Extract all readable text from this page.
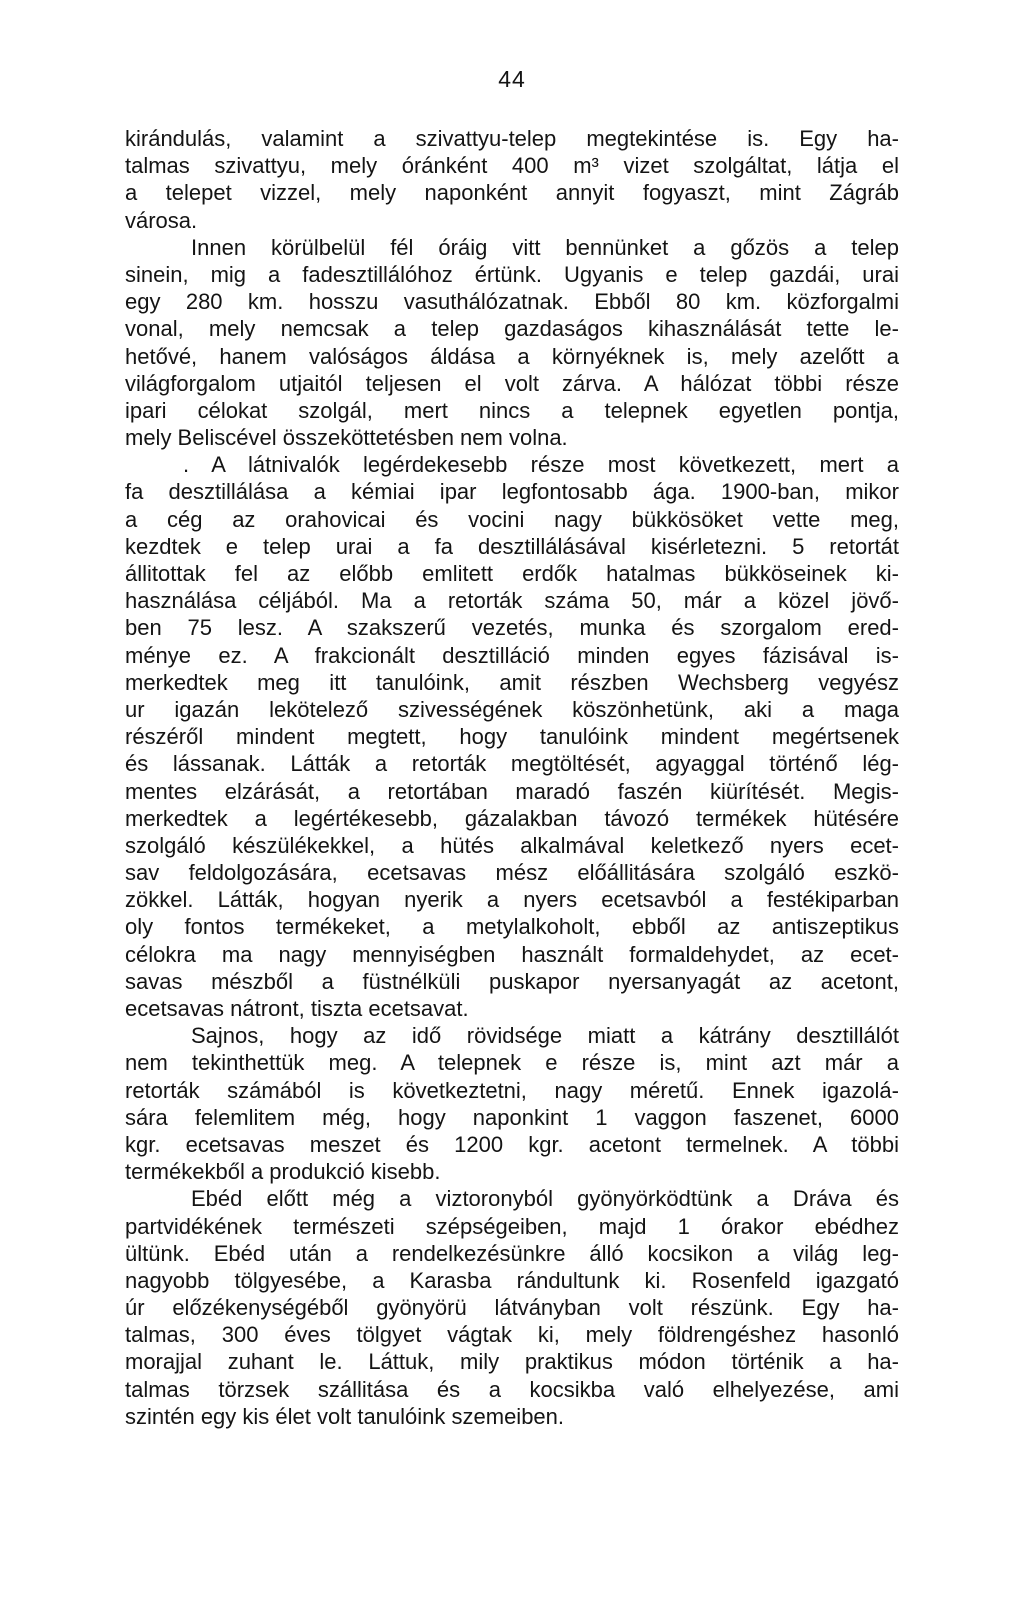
44
kirándulás, valamint a szivattyu-telep megtekintése is. Egy ha-
talmas szivattyu, mely óránként 400 m³ vizet szolgáltat, látja el
a telepet vizzel, mely naponként annyit fogyaszt, mint Zágráb
városa.
Innen körülbelül fél óráig vitt bennünket a gőzös a telep
sinein, mig a fadesztillálóhoz értünk. Ugyanis e telep gazdái, urai
egy 280 km. hosszu vasuthálózatnak. Ebből 80 km. közforgalmi
vonal, mely nemcsak a telep gazdaságos kihasználását tette le-
hetővé, hanem valóságos áldása a környéknek is, mely azelőtt a
világforgalom utjaitól teljesen el volt zárva. A hálózat többi része
ipari célokat szolgál, mert nincs a telepnek egyetlen pontja,
mely Beliscével összeköttetésben nem volna.
. A látnivalók legérdekesebb része most következett, mert a
fa desztillálása a kémiai ipar legfontosabb ága. 1900-ban, mikor
a cég az orahovicai és vocini nagy bükkösöket vette meg,
kezdtek e telep urai a fa desztillálásával kisérletezni. 5 retortát
állitottak fel az előbb emlitett erdők hatalmas bükköseinek ki-
használása céljából. Ma a retorták száma 50, már a közel jövő-
ben 75 lesz. A szakszerű vezetés, munka és szorgalom ered-
ménye ez. A frakcionált desztilláció minden egyes fázisával is-
merkedtek meg itt tanulóink, amit részben Wechsberg vegyész
ur igazán lekötelező szivességének köszönhetünk, aki a maga
részéről mindent megtett, hogy tanulóink mindent megértsenek
és lássanak. Látták a retorták megtöltését, agyaggal történő lég-
mentes elzárását, a retortában maradó faszén kiürítését. Megis-
merkedtek a legértékesebb, gázalakban távozó termékek hütésére
szolgáló készülékekkel, a hütés alkalmával keletkező nyers ecet-
sav feldolgozására, ecetsavas mész előállitására szolgáló eszkö-
zökkel. Látták, hogyan nyerik a nyers ecetsavból a festékiparban
oly fontos termékeket, a metylalkoholt, ebből az antiszeptikus
célokra ma nagy mennyiségben használt formaldehydet, az ecet-
savas mészből a füstnélküli puskapor nyersanyagát az acetont,
ecetsavas nátront, tiszta ecetsavat.
Sajnos, hogy az idő rövidsége miatt a kátrány desztillálót
nem tekinthettük meg. A telepnek e része is, mint azt már a
retorták számából is következtetni, nagy méretű. Ennek igazolá-
sára felemlitem még, hogy naponkint 1 vaggon faszenet, 6000
kgr. ecetsavas meszet és 1200 kgr. acetont termelnek. A többi
termékekből a produkció kisebb.
Ebéd előtt még a viztoronyból gyönyörködtünk a Dráva és
partvidékének természeti szépségeiben, majd 1 órakor ebédhez
ültünk. Ebéd után a rendelkezésünkre álló kocsikon a világ leg-
nagyobb tölgyesébe, a Karasba rándultunk ki. Rosenfeld igazgató
úr előzékenységéből gyönyörü látványban volt részünk. Egy ha-
talmas, 300 éves tölgyet vágtak ki, mely földrengéshez hasonló
morajjal zuhant le. Láttuk, mily praktikus módon történik a ha-
talmas törzsek szállitása és a kocsikba való elhelyezése, ami
szintén egy kis élet volt tanulóink szemeiben.
